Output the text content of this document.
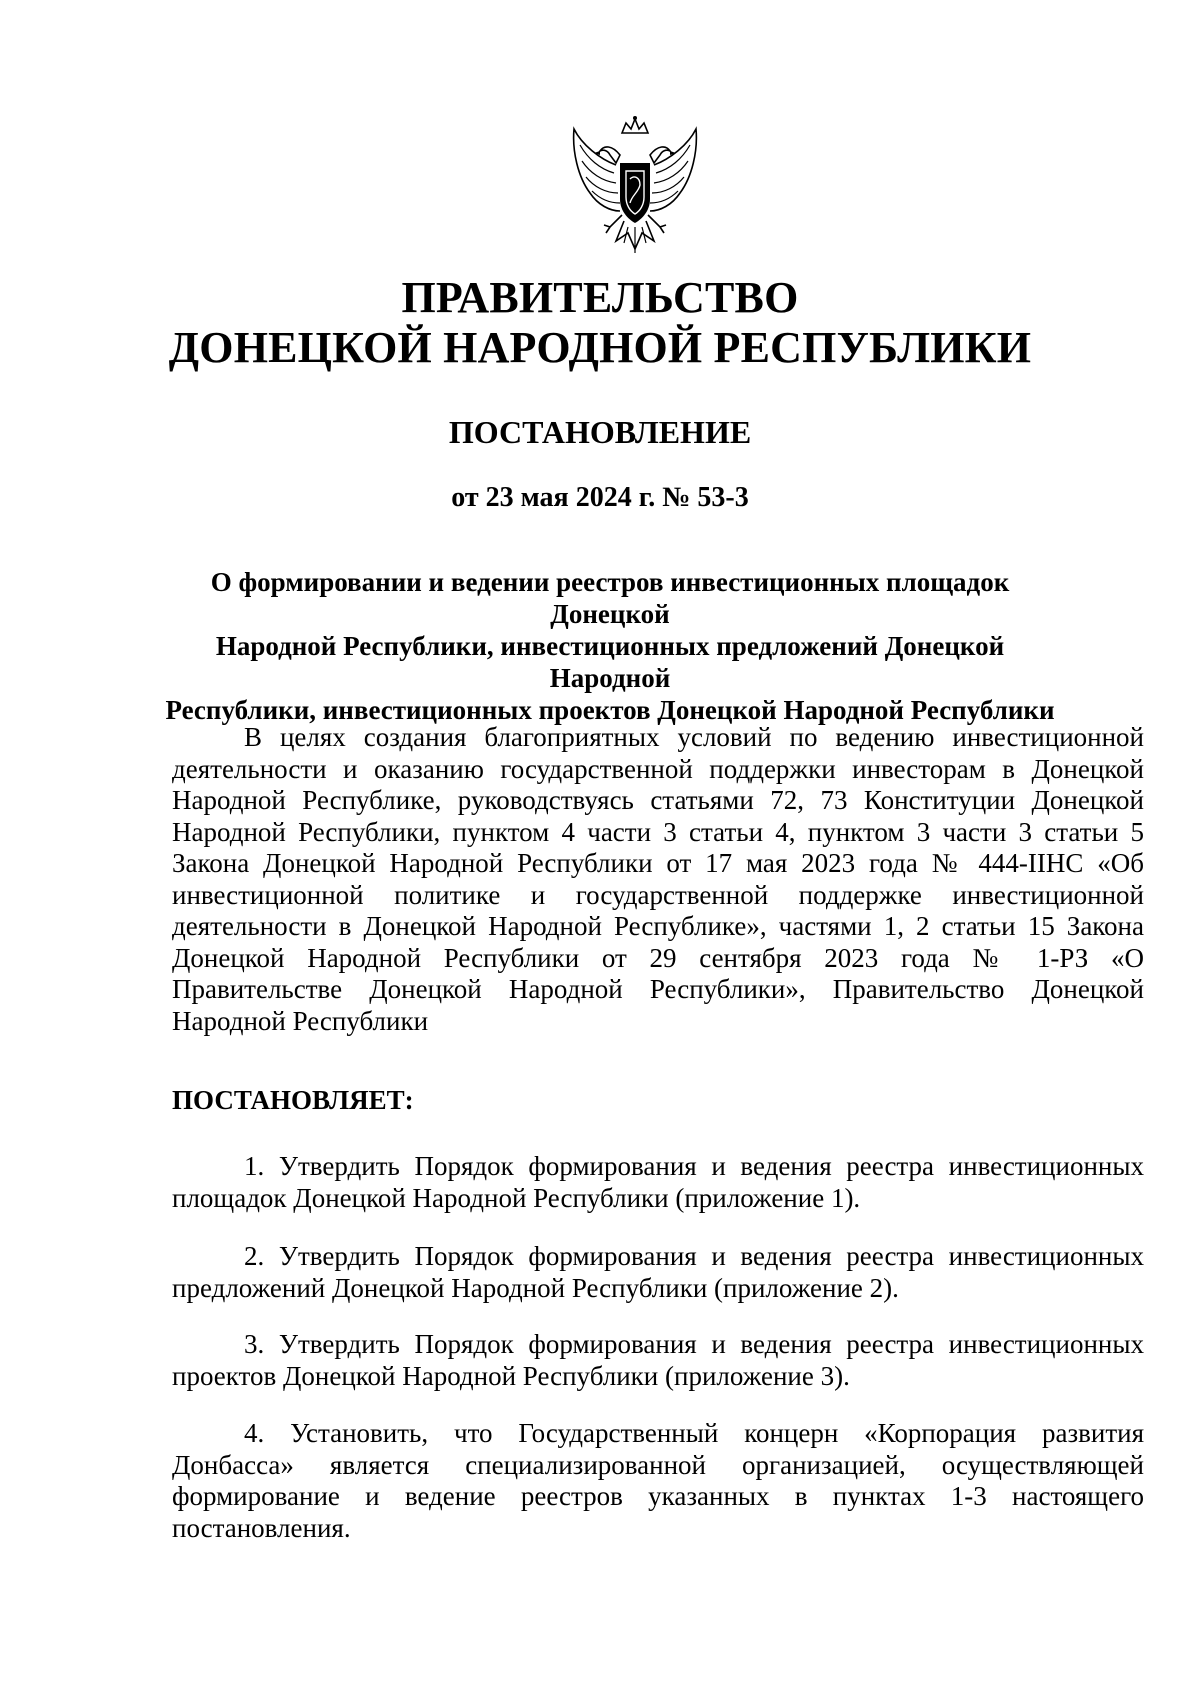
ПРАВИТЕЛЬСТВО
ДОНЕЦКОЙ НАРОДНОЙ РЕСПУБЛИКИ
ПОСТАНОВЛЕНИЕ
от 23 мая 2024 г. № 53-3
О формировании и ведении реестров инвестиционных площадок Донецкой
Народной Республики, инвестиционных предложений Донецкой Народной
Республики, инвестиционных проектов Донецкой Народной Республики

В целях создания благоприятных условий по ведению инвестиционной деятельности и оказанию государственной поддержки инвесторам в Донецкой Народной Республике, руководствуясь статьями 72, 73 Конституции Донецкой Народной Республики, пунктом 4 части 3 статьи 4, пунктом 3 части 3 статьи 5 Закона Донецкой Народной Республики от 17 мая 2023 года № 444-IIНС «Об инвестиционной политике и государственной поддержке инвестиционной деятельности в Донецкой Народной Республике», частями 1, 2 статьи 15 Закона Донецкой Народной Республики от 29 сентября 2023 года № 1-РЗ «О Правительстве Донецкой Народной Республики», Правительство Донецкой Народной Республики

ПОСТАНОВЛЯЕТ:

1. Утвердить Порядок формирования и ведения реестра инвестиционных площадок Донецкой Народной Республики (приложение 1).

2. Утвердить Порядок формирования и ведения реестра инвестиционных предложений Донецкой Народной Республики (приложение 2).

3. Утвердить Порядок формирования и ведения реестра инвестиционных проектов Донецкой Народной Республики (приложение 3).

4. Установить, что Государственный концерн «Корпорация развития Донбасса» является специализированной организацией, осуществляющей формирование и ведение реестров указанных в пунктах 1-3 настоящего постановления.
